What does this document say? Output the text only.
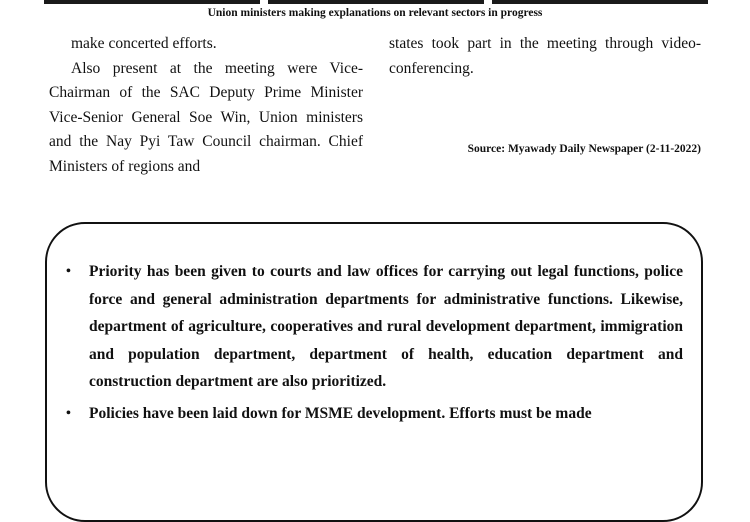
Union ministers making explanations on relevant sectors in progress

make concerted efforts.

Also present at the meeting were Vice-Chairman of the SAC Deputy Prime Minister Vice-Senior General Soe Win, Union ministers and the Nay Pyi Taw Council chairman. Chief Ministers of regions and

states took part in the meeting through video-conferencing.

Source: Myawady Daily Newspaper (2-11-2022)
• Priority has been given to courts and law offices for carrying out legal functions, police force and general administration departments for administrative functions. Likewise, department of agriculture, cooperatives and rural development department, immigration and population department, department of health, education department and construction department are also prioritized.
• Policies have been laid down for MSME development. Efforts must be made
